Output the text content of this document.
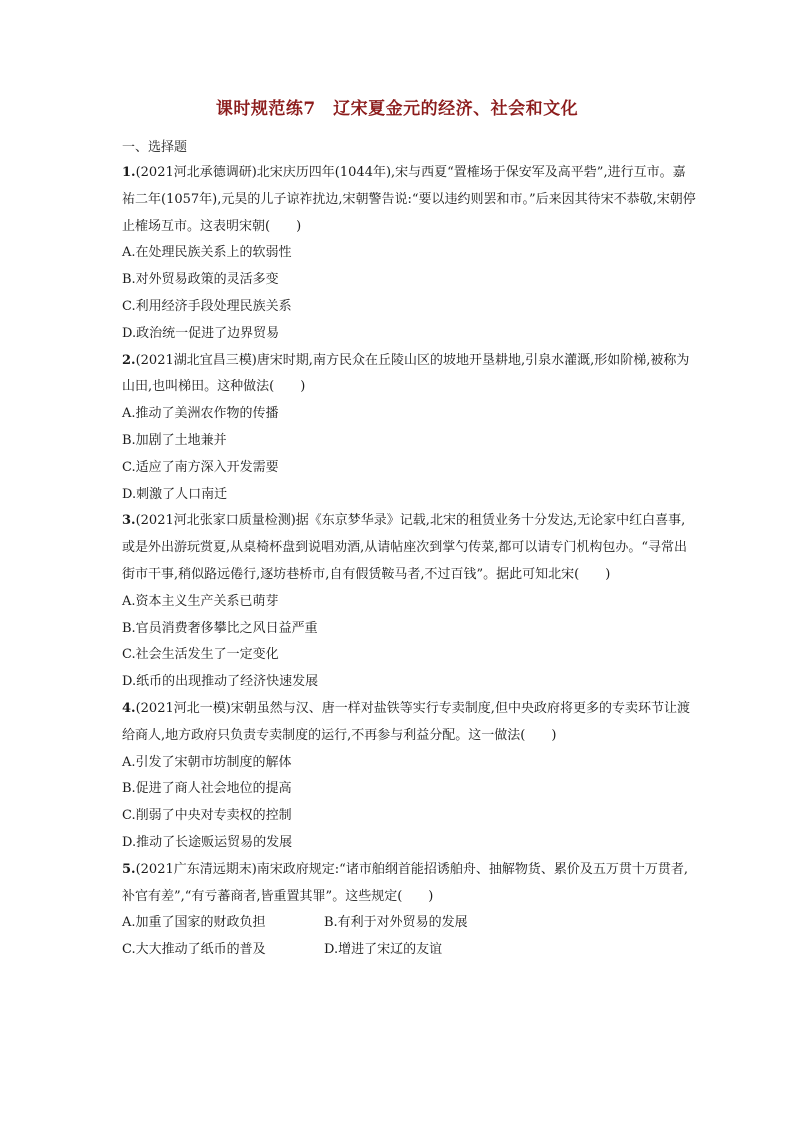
课时规范练7　辽宋夏金元的经济、社会和文化
一、选择题

1.(2021河北承德调研)北宋庆历四年(1044年),宋与西夏“置榷场于保安军及高平砦”,进行互市。嘉祐二年(1057年),元昊的儿子谅祚扰边,宋朝警告说:“要以违约则罢和市。”后来因其待宋不恭敬,宋朝停止榷场互市。这表明宋朝(　　)

A.在处理民族关系上的软弱性

B.对外贸易政策的灵活多变

C.利用经济手段处理民族关系

D.政治统一促进了边界贸易

2.(2021湖北宜昌三模)唐宋时期,南方民众在丘陵山区的坡地开垦耕地,引泉水灌溉,形如阶梯,被称为山田,也叫梯田。这种做法(　　)

A.推动了美洲农作物的传播

B.加剧了土地兼并

C.适应了南方深入开发需要

D.刺激了人口南迁

3.(2021河北张家口质量检测)据《东京梦华录》记载,北宋的租赁业务十分发达,无论家中红白喜事,或是外出游玩赏夏,从桌椅杯盘到说唱劝酒,从请帖座次到掌勺传菜,都可以请专门机构包办。“寻常出街市干事,稍似路远倦行,逐坊巷桥市,自有假赁鞍马者,不过百钱”。据此可知北宋(　　)

A.资本主义生产关系已萌芽

B.官员消费奢侈攀比之风日益严重

C.社会生活发生了一定变化

D.纸币的出现推动了经济快速发展

4.(2021河北一模)宋朝虽然与汉、唐一样对盐铁等实行专卖制度,但中央政府将更多的专卖环节让渡给商人,地方政府只负责专卖制度的运行,不再参与利益分配。这一做法(　　)

A.引发了宋朝市坊制度的解体

B.促进了商人社会地位的提高

C.削弱了中央对专卖权的控制

D.推动了长途贩运贸易的发展

5.(2021广东清远期末)南宋政府规定:“诸市舶纲首能招诱舶舟、抽解物货、累价及五万贯十万贯者,补官有差”,“有亏蕃商者,皆重置其罪”。这些规定(　　)

A.加重了国家的财政负担	B.有利于对外贸易的发展

C.大大推动了纸币的普及	D.增进了宋辽的友谊
